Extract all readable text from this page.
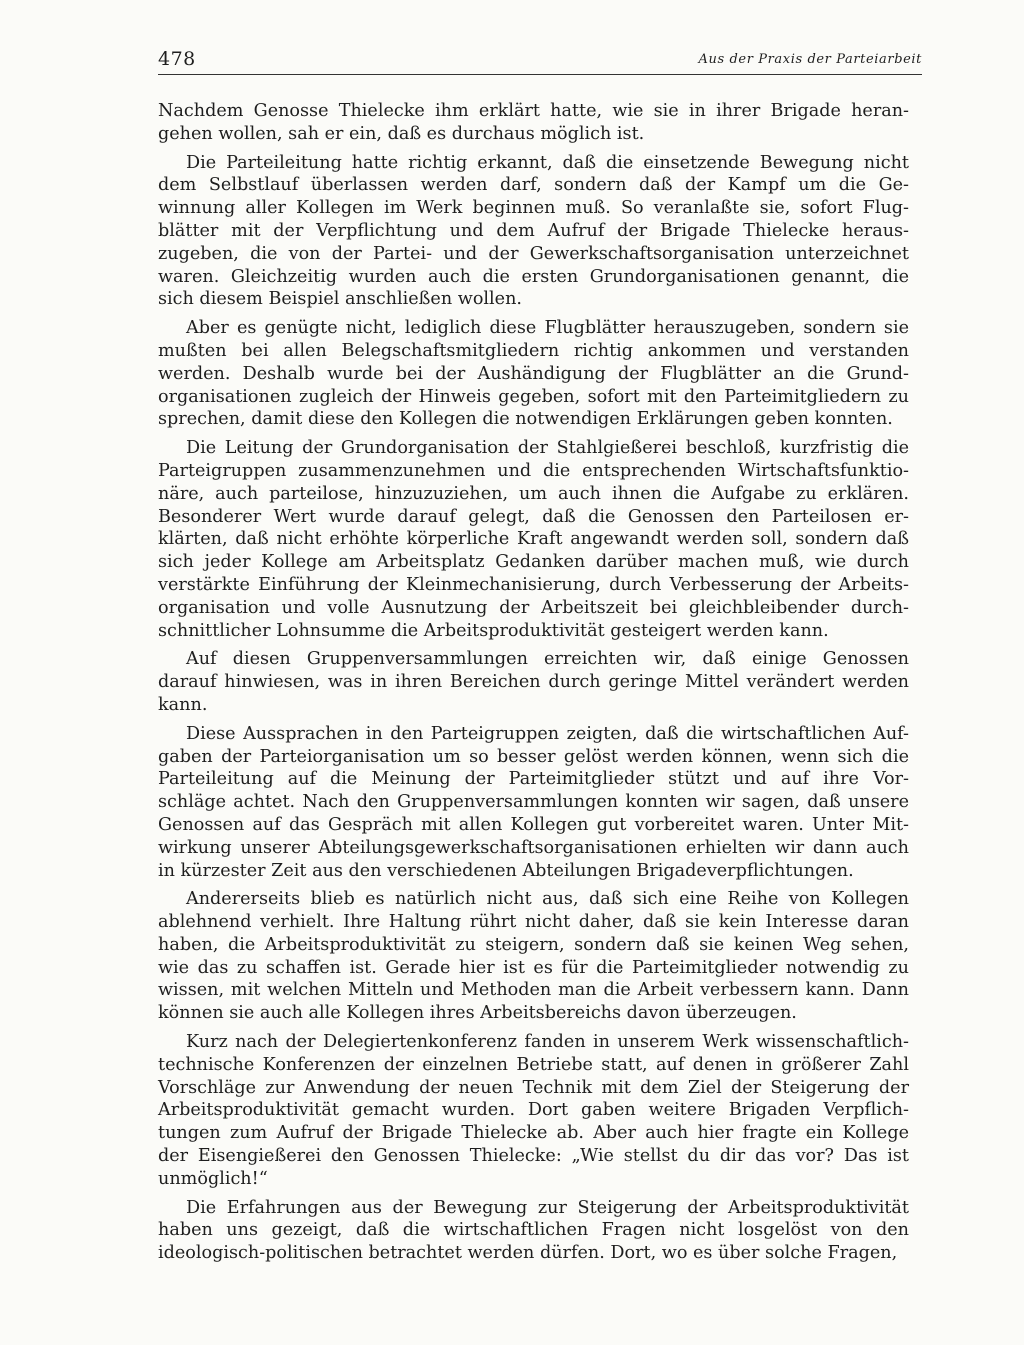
478	Aus der Praxis der Parteiarbeit

Nachdem Genosse Thielecke ihm erklärt hatte, wie sie in ihrer Brigade heran-
gehen wollen, sah er ein, daß es durchaus möglich ist.

Die Parteileitung hatte richtig erkannt, daß die einsetzende Bewegung nicht
dem Selbstlauf überlassen werden darf, sondern daß der Kampf um die Ge-
winnung aller Kollegen im Werk beginnen muß. So veranlaßte sie, sofort Flug-
blätter mit der Verpflichtung und dem Aufruf der Brigade Thielecke heraus-
zugeben, die von der Partei- und der Gewerkschaftsorganisation unterzeichnet
waren. Gleichzeitig wurden auch die ersten Grundorganisationen genannt, die
sich diesem Beispiel anschließen wollen.

Aber es genügte nicht, lediglich diese Flugblätter herauszugeben, sondern sie
mußten bei allen Belegschaftsmitgliedern richtig ankommen und verstanden
werden. Deshalb wurde bei der Aushändigung der Flugblätter an die Grund-
organisationen zugleich der Hinweis gegeben, sofort mit den Parteimitgliedern zu
sprechen, damit diese den Kollegen die notwendigen Erklärungen geben konnten.

Die Leitung der Grundorganisation der Stahlgießerei beschloß, kurzfristig die
Parteigruppen zusammenzunehmen und die entsprechenden Wirtschaftsfunktio-
näre, auch parteilose, hinzuzuziehen, um auch ihnen die Aufgabe zu erklären.
Besonderer Wert wurde darauf gelegt, daß die Genossen den Parteilosen er-
klärten, daß nicht erhöhte körperliche Kraft angewandt werden soll, sondern daß
sich jeder Kollege am Arbeitsplatz Gedanken darüber machen muß, wie durch
verstärkte Einführung der Kleinmechanisierung, durch Verbesserung der Arbeits-
organisation und volle Ausnutzung der Arbeitszeit bei gleichbleibender durch-
schnittlicher Lohnsumme die Arbeitsproduktivität gesteigert werden kann.

Auf diesen Gruppenversammlungen erreichten wir, daß einige Genossen
darauf hinwiesen, was in ihren Bereichen durch geringe Mittel verändert werden
kann.

Diese Aussprachen in den Parteigruppen zeigten, daß die wirtschaftlichen Auf-
gaben der Parteiorganisation um so besser gelöst werden können, wenn sich die
Parteileitung auf die Meinung der Parteimitglieder stützt und auf ihre Vor-
schläge achtet. Nach den Gruppenversammlungen konnten wir sagen, daß unsere
Genossen auf das Gespräch mit allen Kollegen gut vorbereitet waren. Unter Mit-
wirkung unserer Abteilungsgewerkschaftsorganisationen erhielten wir dann auch
in kürzester Zeit aus den verschiedenen Abteilungen Brigadeverpflichtungen.

Andererseits blieb es natürlich nicht aus, daß sich eine Reihe von Kollegen
ablehnend verhielt. Ihre Haltung rührt nicht daher, daß sie kein Interesse daran
haben, die Arbeitsproduktivität zu steigern, sondern daß sie keinen Weg sehen,
wie das zu schaffen ist. Gerade hier ist es für die Parteimitglieder notwendig zu
wissen, mit welchen Mitteln und Methoden man die Arbeit verbessern kann. Dann
können sie auch alle Kollegen ihres Arbeitsbereichs davon überzeugen.

Kurz nach der Delegiertenkonferenz fanden in unserem Werk wissenschaftlich-
technische Konferenzen der einzelnen Betriebe statt, auf denen in größerer Zahl
Vorschläge zur Anwendung der neuen Technik mit dem Ziel der Steigerung der
Arbeitsproduktivität gemacht wurden. Dort gaben weitere Brigaden Verpflich-
tungen zum Aufruf der Brigade Thielecke ab. Aber auch hier fragte ein Kollege
der Eisengießerei den Genossen Thielecke: „Wie stellst du dir das vor? Das ist
unmöglich!“

Die Erfahrungen aus der Bewegung zur Steigerung der Arbeitsproduktivität
haben uns gezeigt, daß die wirtschaftlichen Fragen nicht losgelöst von den
ideologisch-politischen betrachtet werden dürfen. Dort, wo es über solche Fragen,
